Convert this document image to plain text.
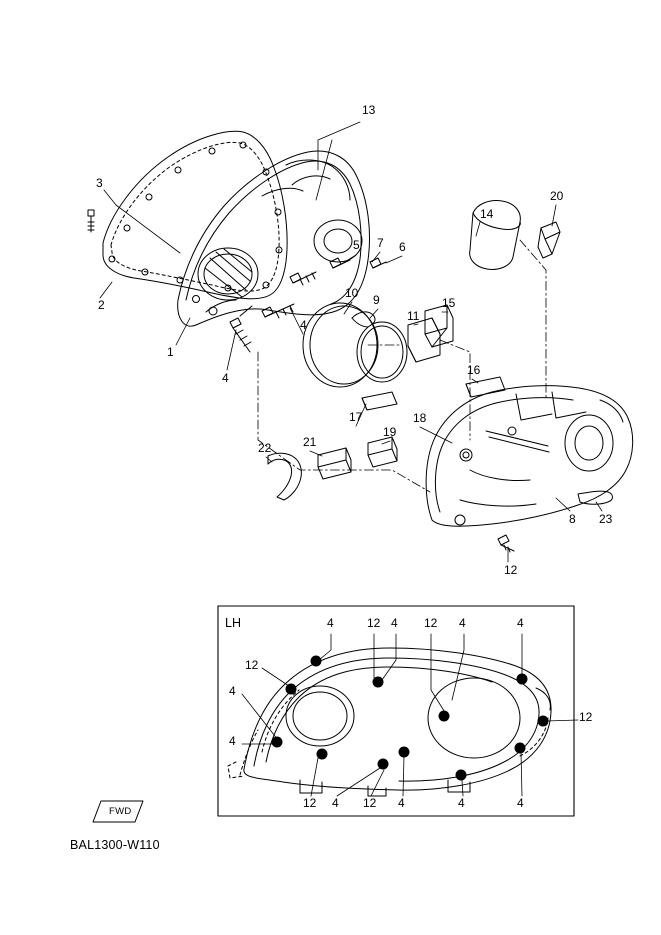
13
3
14
20
5 7 6
2
10 9
11
15
1
4
4
16
17	18
19
21
22
8 23
12
LH	4	12 4 12 4	4
12
4
12
4
12 4 12 4	4	4
FWD
BAL1300-W110
